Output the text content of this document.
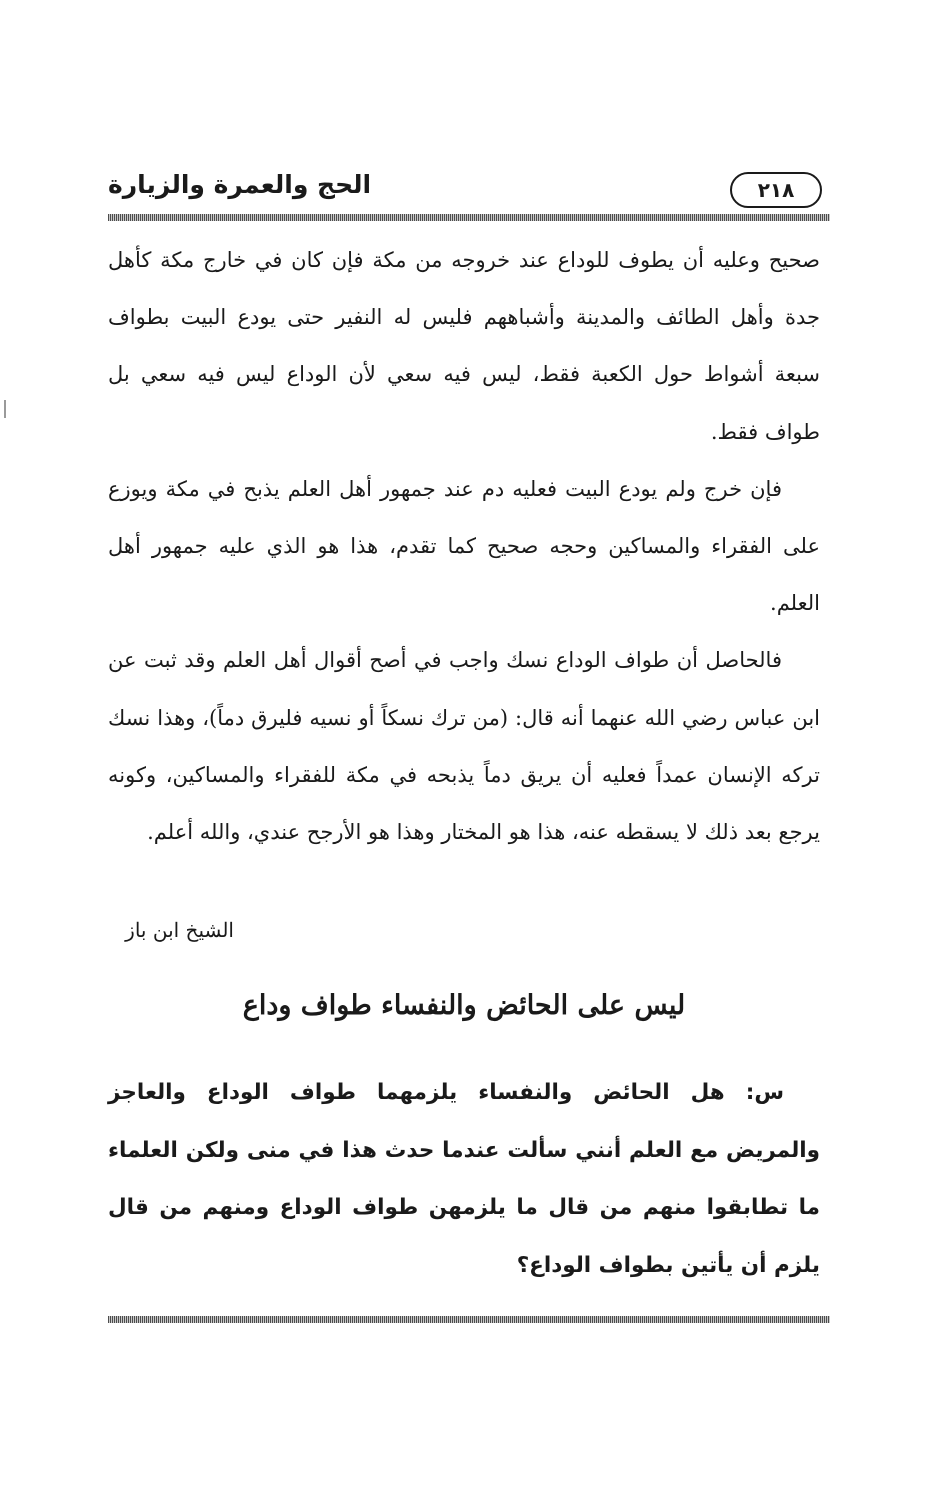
الحج والعمرة والزيارة	٢١٨

صحيح وعليه أن يطوف للوداع عند خروجه من مكة فإن كان في خارج مكة كأهل جدة وأهل الطائف والمدينة وأشباههم فليس له النفير حتى يودع البيت بطواف سبعة أشواط حول الكعبة فقط، ليس فيه سعي لأن الوداع ليس فيه سعي بل طواف فقط.

فإن خرج ولم يودع البيت فعليه دم عند جمهور أهل العلم يذبح في مكة ويوزع على الفقراء والمساكين وحجه صحيح كما تقدم، هذا هو الذي عليه جمهور أهل العلم.

فالحاصل أن طواف الوداع نسك واجب في أصح أقوال أهل العلم وقد ثبت عن ابن عباس رضي الله عنهما أنه قال: (من ترك نسكاً أو نسيه فليرق دماً)، وهذا نسك تركه الإنسان عمداً فعليه أن يريق دماً يذبحه في مكة للفقراء والمساكين، وكونه يرجع بعد ذلك لا يسقطه عنه، هذا هو المختار وهذا هو الأرجح عندي، والله أعلم.

الشيخ ابن باز
ليس على الحائض والنفساء طواف وداع

س: هل الحائض والنفساء يلزمهما طواف الوداع والعاجز والمريض مع العلم أنني سألت عندما حدث هذا في منى ولكن العلماء ما تطابقوا منهم من قال ما يلزمهن طواف الوداع ومنهم من قال يلزم أن يأتين بطواف الوداع؟
